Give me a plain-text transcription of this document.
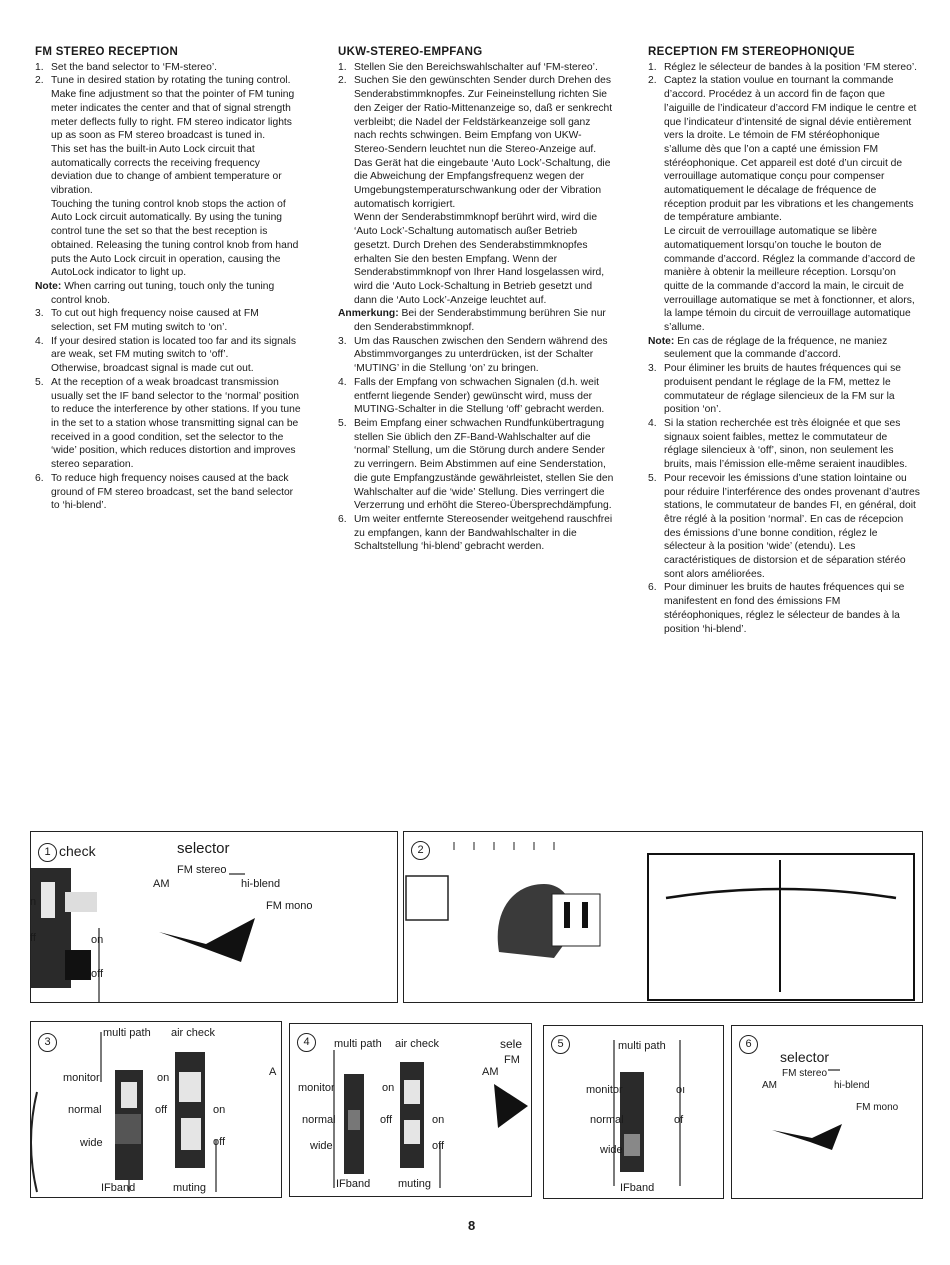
FM STEREO RECEPTION
1. Set the band selector to ‘FM-stereo’.
2. Tune in desired station by rotating the tuning control. Make fine adjustment so that the pointer of FM tuning meter indicates the center and that of signal strength meter deflects fully to right. FM stereo indicator lights up as soon as FM stereo broadcast is tuned in.

This set has the built-in Auto Lock circuit that automatically corrects the receiving frequency deviation due to change of ambient temperature or vibration.

Touching the tuning control knob stops the action of Auto Lock circuit automatically. By using the tuning control tune the set so that the best reception is obtained. Releasing the tuning control knob from hand puts the Auto Lock circuit in operation, causing the AutoLock indicator to light up.

Note: When carring out tuning, touch only the tuning control knob.

3. To cut out high frequency noise caused at FM selection, set FM muting switch to ‘on’.
4. If your desired station is located too far and its signals are weak, set FM muting switch to ‘off’.

Otherwise, broadcast signal is made cut out.

5. At the reception of a weak broadcast transmission usually set the IF band selector to the ‘normal’ position to reduce the interference by other stations. If you tune in the set to a station whose transmitting signal can be received in a good condition, set the selector to the ‘wide’ position, which reduces distortion and improves stereo separation.
6. To reduce high frequency noises caused at the back ground of FM stereo broadcast, set the band selector to ‘hi-blend’.
UKW-STEREO-EMPFANG
1. Stellen Sie den Bereichswahlschalter auf ‘FM-stereo’.
2. Suchen Sie den gewünschten Sender durch Drehen des Senderabstimmknopfes. Zur Feineinstellung richten Sie den Zeiger der Ratio-Mittenanzeige so, daß er senkrecht verbleibt; die Nadel der Feldstärkeanzeige soll ganz nach rechts schwingen. Beim Empfang von UKW-Stereo-Sendern leuchtet nun die Stereo-Anzeige auf.

Das Gerät hat die eingebaute ‘Auto Lock’-Schaltung, die die Abweichung der Empfangsfrequenz wegen der Umgebungstemperaturschwankung oder der Vibration automatisch korrigiert.

Wenn der Senderabstimmknopf berührt wird, wird die ‘Auto Lock’-Schaltung automatisch außer Betrieb gesetzt. Durch Drehen des Senderabstimmknopfes erhalten Sie den besten Empfang. Wenn der Senderabstimmknopf von Ihrer Hand losgelassen wird, wird die ‘Auto Lock-Schaltung in Betrieb gesetzt und dann die ‘Auto Lock’-Anzeige leuchtet auf.

Anmerkung: Bei der Senderabstimmung berühren Sie nur den Senderabstimmknopf.

3. Um das Rauschen zwischen den Sendern während des Abstimmvorganges zu unterdrücken, ist der Schalter ‘MUTING’ in die Stellung ‘on’ zu bringen.
4. Falls der Empfang von schwachen Signalen (d.h. weit entfernt liegende Sender) gewünscht wird, muss der MUTING-Schalter in die Stellung ‘off’ gebracht werden.
5. Beim Empfang einer schwachen Rundfunkübertragung stellen Sie üblich den ZF-Band-Wahlschalter auf die ‘normal’ Stellung, um die Störung durch andere Sender zu verringern. Beim Abstimmen auf eine Senderstation, die gute Empfangzustände gewährleistet, stellen Sie den Wahlschalter auf die ‘wide’ Stellung. Dies verringert die Verzerrung und erhöht die Stereo-Übersprechdämpfung.
6. Um weiter entfernte Stereosender weitgehend rauschfrei zu empfangen, kann der Bandwahlschalter in die Schaltstellung ‘hi-blend’ gebracht werden.
RECEPTION FM STEREOPHONIQUE
1. Réglez le sélecteur de bandes à la position ‘FM stereo’.
2. Captez la station voulue en tournant la commande d’accord. Procédez à un accord fin de façon que l’aiguille de l’indicateur d’accord FM indique le centre et que l’indicateur d’intensité de signal dévie entièrement vers la droite. Le témoin de FM stéréophonique s’allume dès que l’on a capté une émission FM stéréophonique. Cet appareil est doté d’un circuit de verrouillage automatique conçu pour compenser automatiquement le décalage de fréquence de réception produit par les vibrations et les changements de température ambiante.

Le circuit de verrouillage automatique se libère automatiquement lorsqu’on touche le bouton de commande d’accord. Réglez la commande d’accord de manière à obtenir la meilleure réception. Lorsqu’on quitte de la commande d’accord la main, le circuit de verrouillage automatique se met à fonctionner, et alors, la lampe témoin du circuit de verrouillage automatique s’allume.

Note: En cas de réglage de la fréquence, ne maniez seulement que la commande d’accord.

3. Pour éliminer les bruits de hautes fréquences qui se produisent pendant le réglage de la FM, mettez le commutateur de réglage silencieux de la FM sur la position ‘on’.
4. Si la station recherchée est très éloignée et que ses signaux soient faibles, mettez le commutateur de réglage silencieux à ‘off’, sinon, non seulement les bruits, mais l’émission elle-même seraient inaudibles.
5. Pour recevoir les émissions d’une station lointaine ou pour réduire l’interférence des ondes provenant d’autres stations, le commutateur de bandes FI, en général, doit être réglé à la position ‘normal’. En cas de récepcion des émissions d’une bonne condition, réglez le sélecteur à la position ‘wide’ (etendu). Les caractéristiques de distorsion et de séparation stéréo sont alors améliorées.
6. Pour diminuer les bruits de hautes fréquences qui se manifestent en fond des émissions FM stéréophoniques, réglez le sélecteur de bandes à la position ‘hi-blend’.
1 check	selector
FM stereo
AM	hi-blend
FM mono
n
ff	on
off
2
3
multi path air check
A
monitor	on
normal	off	on
wide	off
IFband	muting
4	multi path air check	sele
FM
AM
monitor	on
normal	off	on
wide	off
IFband	muting
5	multi path
monitor	oı
normal	of
wide
IFband
6
selector
FM stereo
AM	hi-blend
FM mono
8
